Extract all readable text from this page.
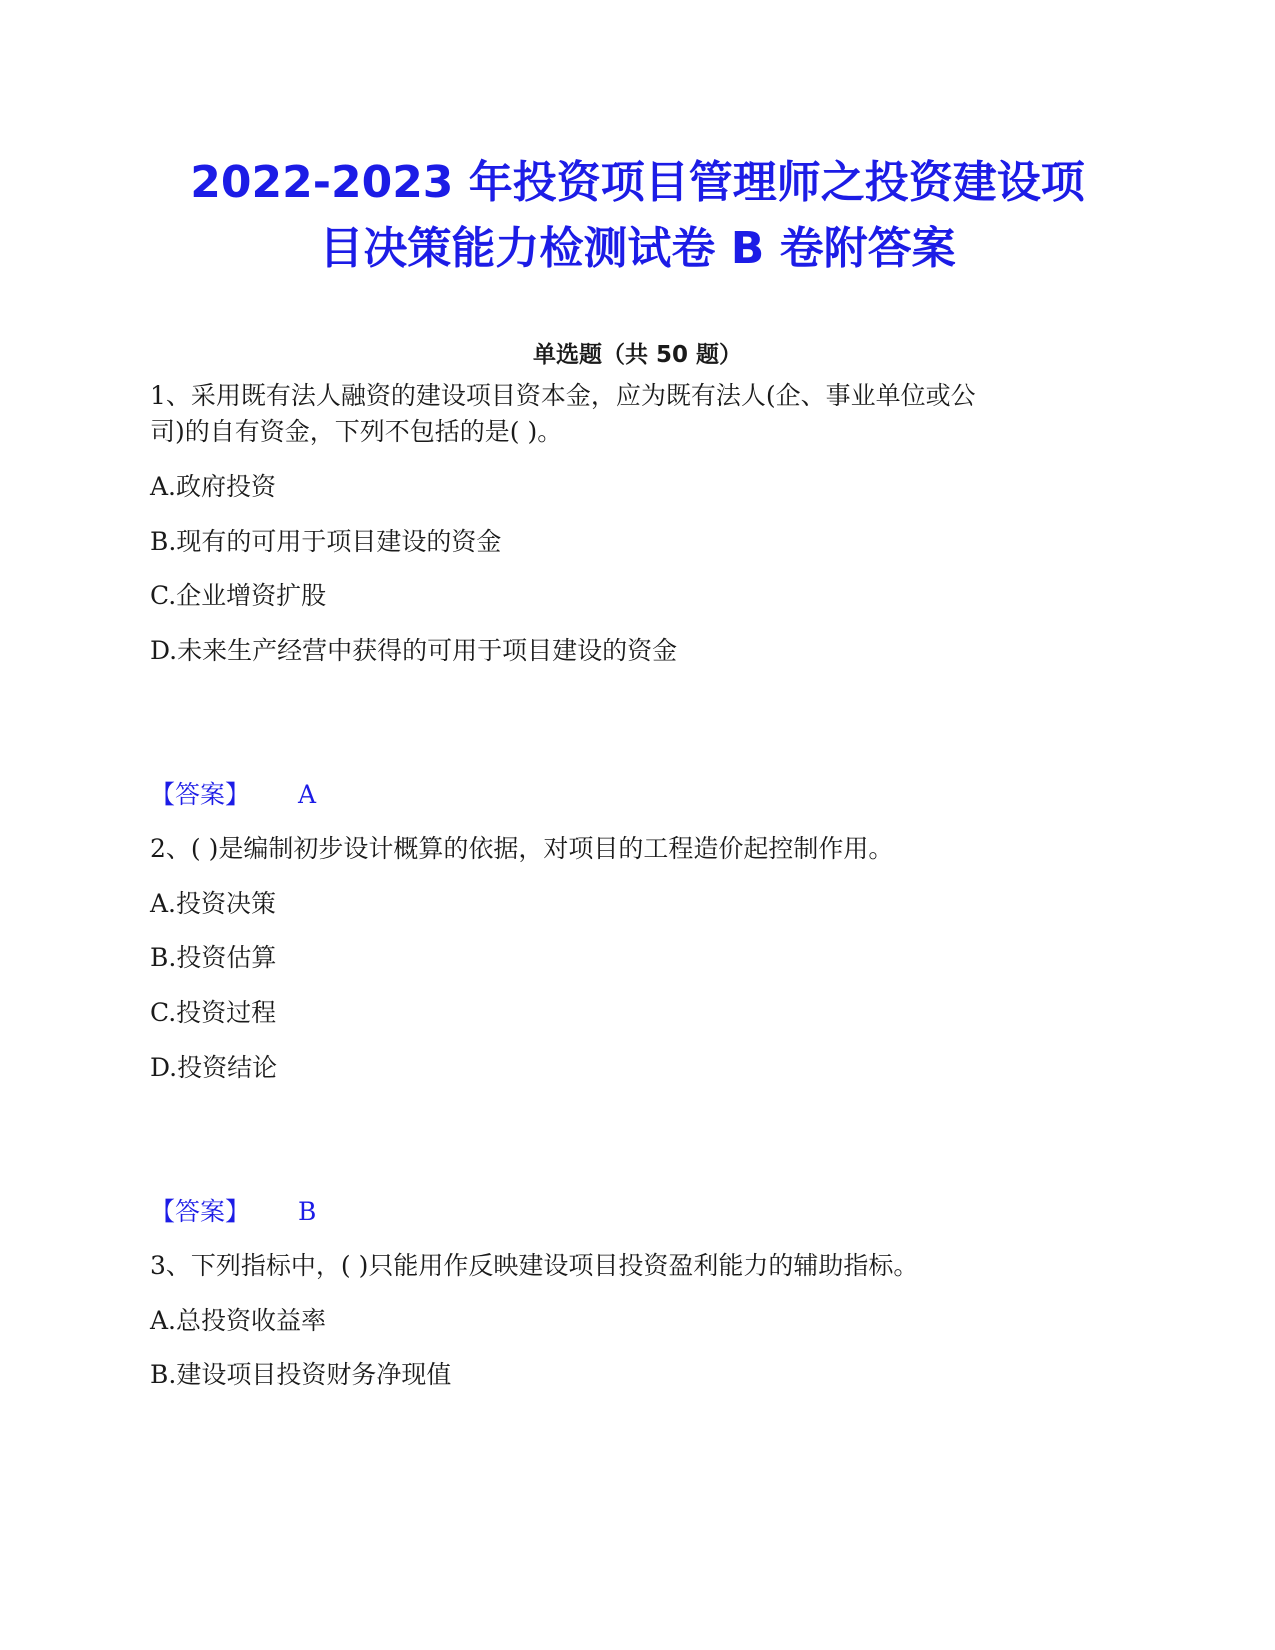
2022-2023 年投资项目管理师之投资建设项
目决策能力检测试卷 B 卷附答案
单选题（共 50 题）
1、采用既有法人融资的建设项目资本金，应为既有法人(企、事业单位或公
司)的自有资金，下列不包括的是( )。
A.政府投资
B.现有的可用于项目建设的资金
C.企业增资扩股
D.未来生产经营中获得的可用于项目建设的资金
【答案】 A
2、( )是编制初步设计概算的依据，对项目的工程造价起控制作用。
A.投资决策
B.投资估算
C.投资过程
D.投资结论
【答案】 B
3、下列指标中，( )只能用作反映建设项目投资盈利能力的辅助指标。
A.总投资收益率
B.建设项目投资财务净现值
